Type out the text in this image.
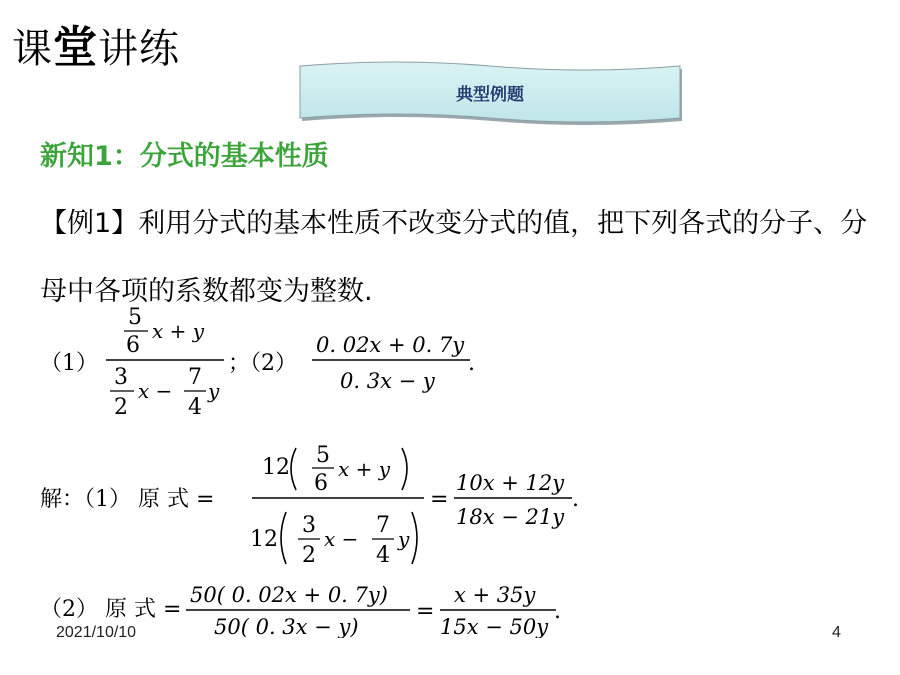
课堂讲练
典型例题
新知1：分式的基本性质
【例1】利用分式的基本性质不改变分式的值，把下列各式的分子、分母中各项的系数都变为整数.
（1）
5
6
x + y
3
2
x −
7
4
y
；（2）
0. 02x + 0. 7y
0. 3x − y
.
解：（1） 原 式 =
12 5
6
x + y
12
3
2
x −
7
4
y
=
10x + 12y
18x − 21y
.
（2） 原 式 =
50( 0. 02x + 0. 7y)
50( 0. 3x − y)
=
x + 35y
15x − 50y
.
2021/10/10	4
